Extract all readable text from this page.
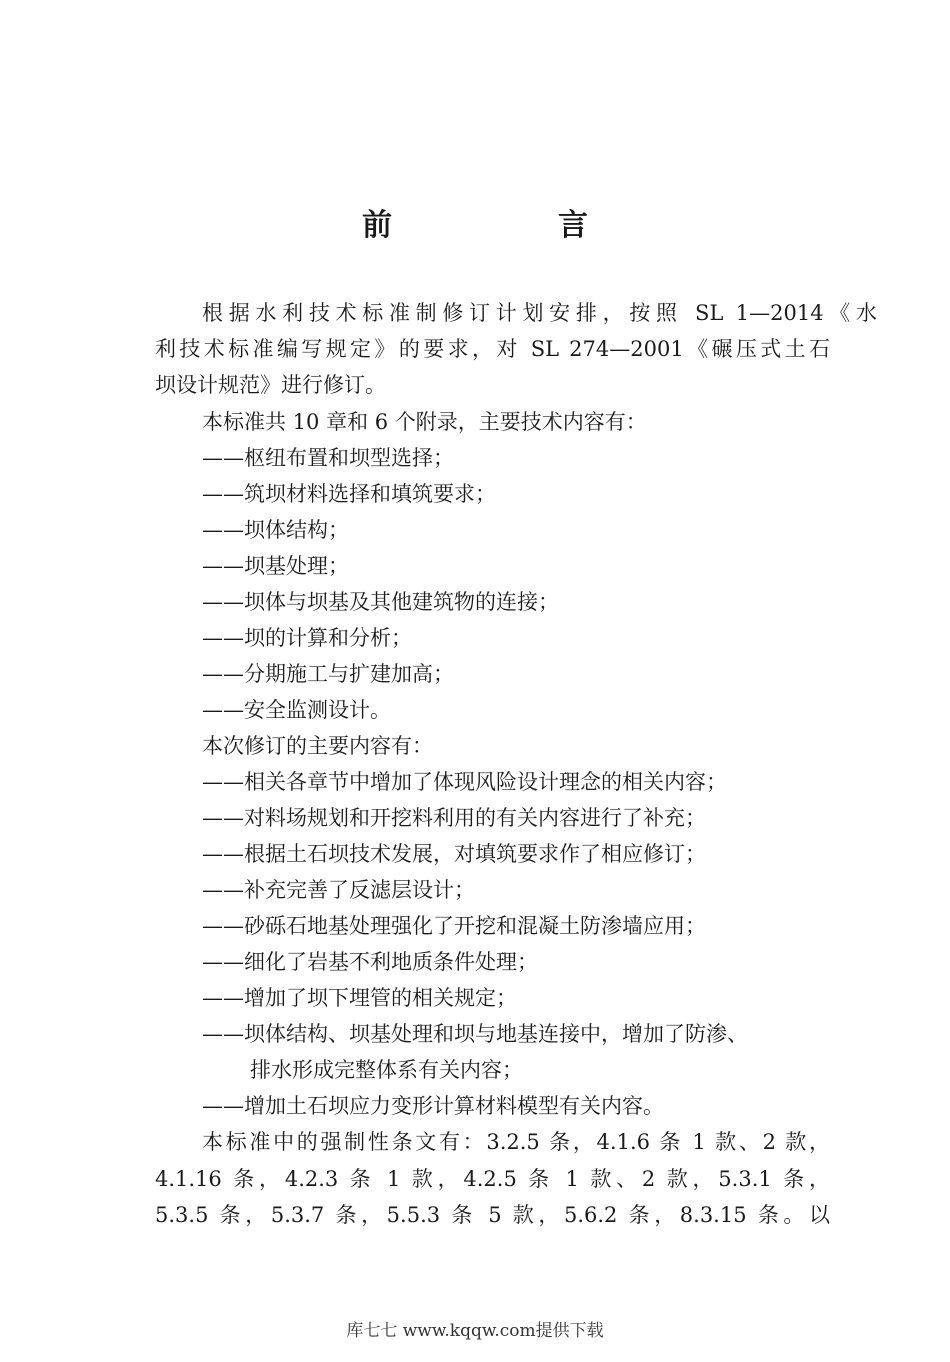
前　言
根据水利技术标准制修订计划安排，按照 SL 1—2014《水
利技术标准编写规定》的要求，对 SL 274—2001《碾压式土石
坝设计规范》进行修订。
本标准共 10 章和 6 个附录，主要技术内容有：
——枢纽布置和坝型选择；
——筑坝材料选择和填筑要求；
——坝体结构；
——坝基处理；
——坝体与坝基及其他建筑物的连接；
——坝的计算和分析；
——分期施工与扩建加高；
——安全监测设计。
本次修订的主要内容有：
——相关各章节中增加了体现风险设计理念的相关内容；
——对料场规划和开挖料利用的有关内容进行了补充；
——根据土石坝技术发展，对填筑要求作了相应修订；
——补充完善了反滤层设计；
——砂砾石地基处理强化了开挖和混凝土防渗墙应用；
——细化了岩基不利地质条件处理；
——增加了坝下埋管的相关规定；
——坝体结构、坝基处理和坝与地基连接中，增加了防渗、
排水形成完整体系有关内容；
——增加土石坝应力变形计算材料模型有关内容。
本标准中的强制性条文有：3.2.5 条，4.1.6 条 1 款、2 款，
4.1.16 条，4.2.3 条 1 款，4.2.5 条 1 款、2 款，5.3.1 条，
5.3.5 条，5.3.7 条，5.5.3 条 5 款，5.6.2 条，8.3.15 条。以
库七七 www.kqqw.com提供下载
